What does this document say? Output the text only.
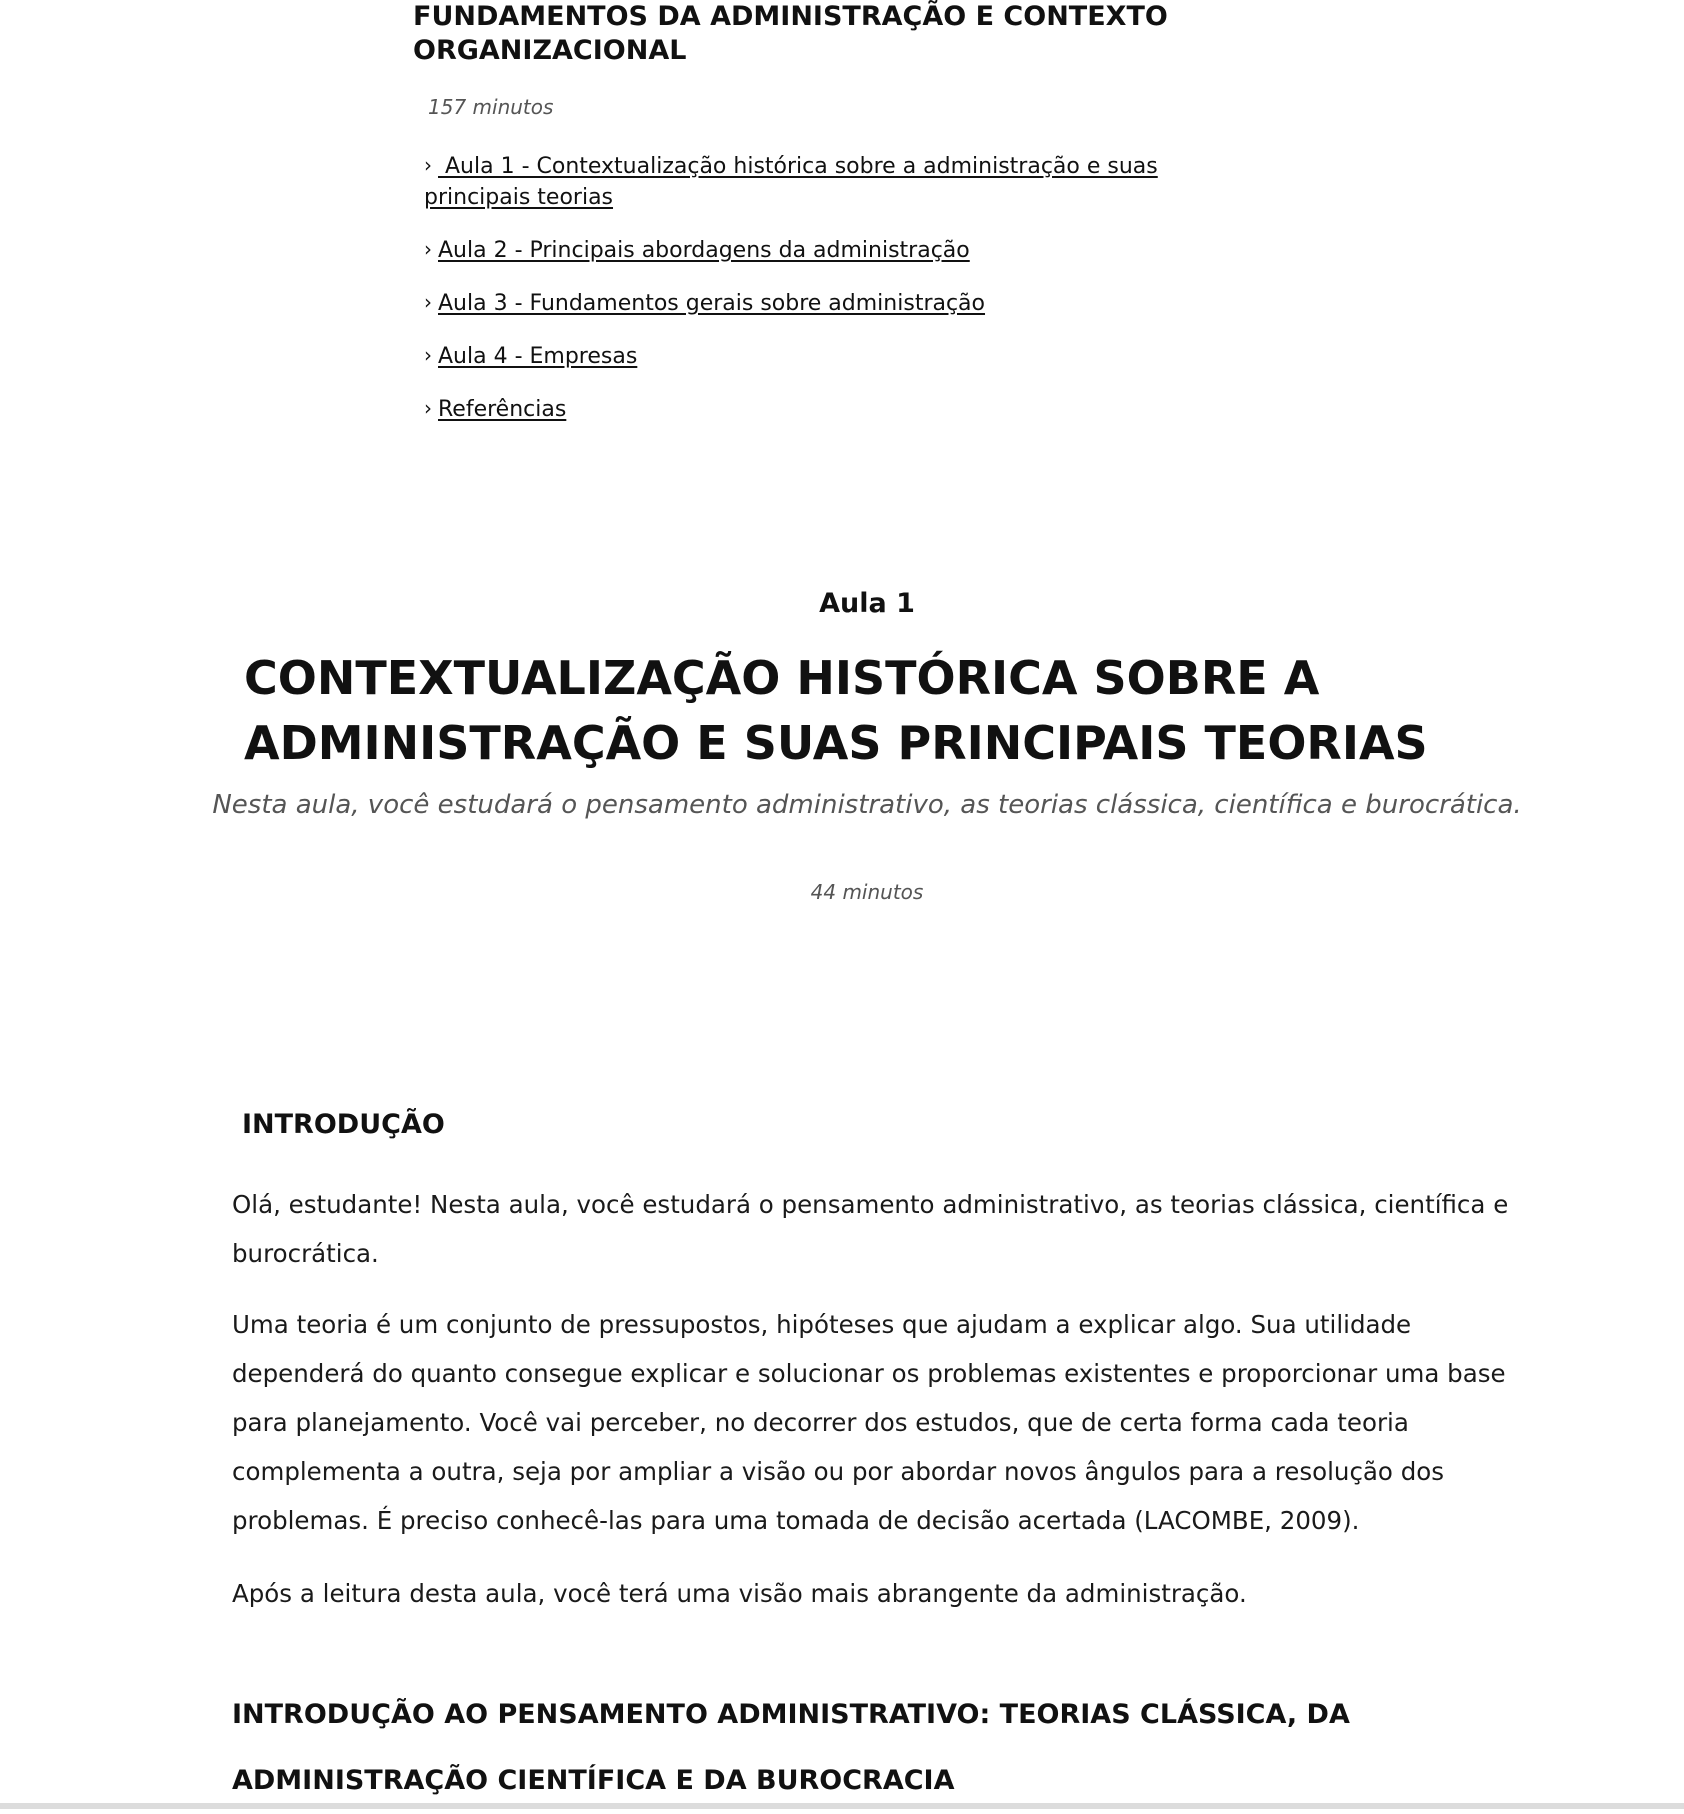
FUNDAMENTOS DA ADMINISTRAÇÃO E CONTEXTO ORGANIZACIONAL
157 minutos
› Aula 1 - Contextualização histórica sobre a administração e suas principais teorias
› Aula 2 - Principais abordagens da administração
› Aula 3 - Fundamentos gerais sobre administração
› Aula 4 - Empresas
› Referências
Aula 1
CONTEXTUALIZAÇÃO HISTÓRICA SOBRE A ADMINISTRAÇÃO E SUAS PRINCIPAIS TEORIAS
Nesta aula, você estudará o pensamento administrativo, as teorias clássica, científica e burocrática.
44 minutos
INTRODUÇÃO

Olá, estudante! Nesta aula, você estudará o pensamento administrativo, as teorias clássica, científica e burocrática.

Uma teoria é um conjunto de pressupostos, hipóteses que ajudam a explicar algo. Sua utilidade dependerá do quanto consegue explicar e solucionar os problemas existentes e proporcionar uma base para planejamento. Você vai perceber, no decorrer dos estudos, que de certa forma cada teoria complementa a outra, seja por ampliar a visão ou por abordar novos ângulos para a resolução dos problemas. É preciso conhecê-las para uma tomada de decisão acertada (LACOMBE, 2009).

Após a leitura desta aula, você terá uma visão mais abrangente da administração.

INTRODUÇÃO AO PENSAMENTO ADMINISTRATIVO: TEORIAS CLÁSSICA, DA ADMINISTRAÇÃO CIENTÍFICA E DA BUROCRACIA
